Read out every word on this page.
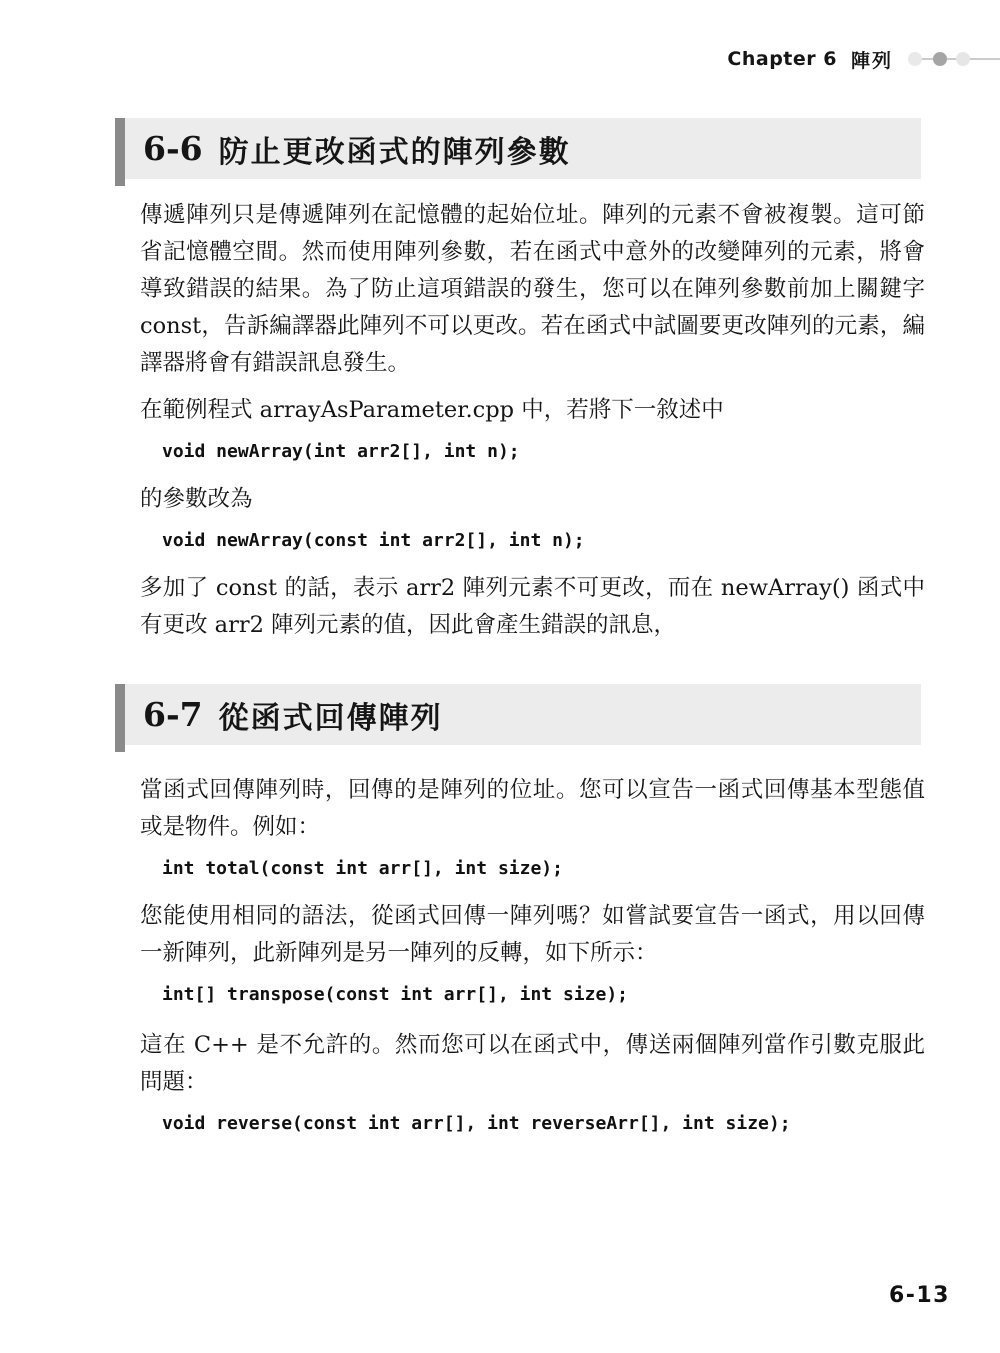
Chapter 6 陣列
6-6 防止更改函式的陣列參數

傳遞陣列只是傳遞陣列在記憶體的起始位址。陣列的元素不會被複製。這可節省記憶體空間。然而使用陣列參數，若在函式中意外的改變陣列的元素，將會導致錯誤的結果。為了防止這項錯誤的發生，您可以在陣列參數前加上關鍵字 const，告訴編譯器此陣列不可以更改。若在函式中試圖要更改陣列的元素，編譯器將會有錯誤訊息發生。

在範例程式 arrayAsParameter.cpp 中，若將下一敘述中

void newArray(int arr2[], int n);

的參數改為

void newArray(const int arr2[], int n);

多加了 const 的話，表示 arr2 陣列元素不可更改，而在 newArray() 函式中有更改 arr2 陣列元素的值，因此會產生錯誤的訊息，

6-7 從函式回傳陣列

當函式回傳陣列時，回傳的是陣列的位址。您可以宣告一函式回傳基本型態值或是物件。例如：

int total(const int arr[], int size);

您能使用相同的語法，從函式回傳一陣列嗎？如嘗試要宣告一函式，用以回傳一新陣列，此新陣列是另一陣列的反轉，如下所示：

int[] transpose(const int arr[], int size);

這在 C++ 是不允許的。然而您可以在函式中，傳送兩個陣列當作引數克服此問題：

void reverse(const int arr[], int reverseArr[], int size);
6-13
